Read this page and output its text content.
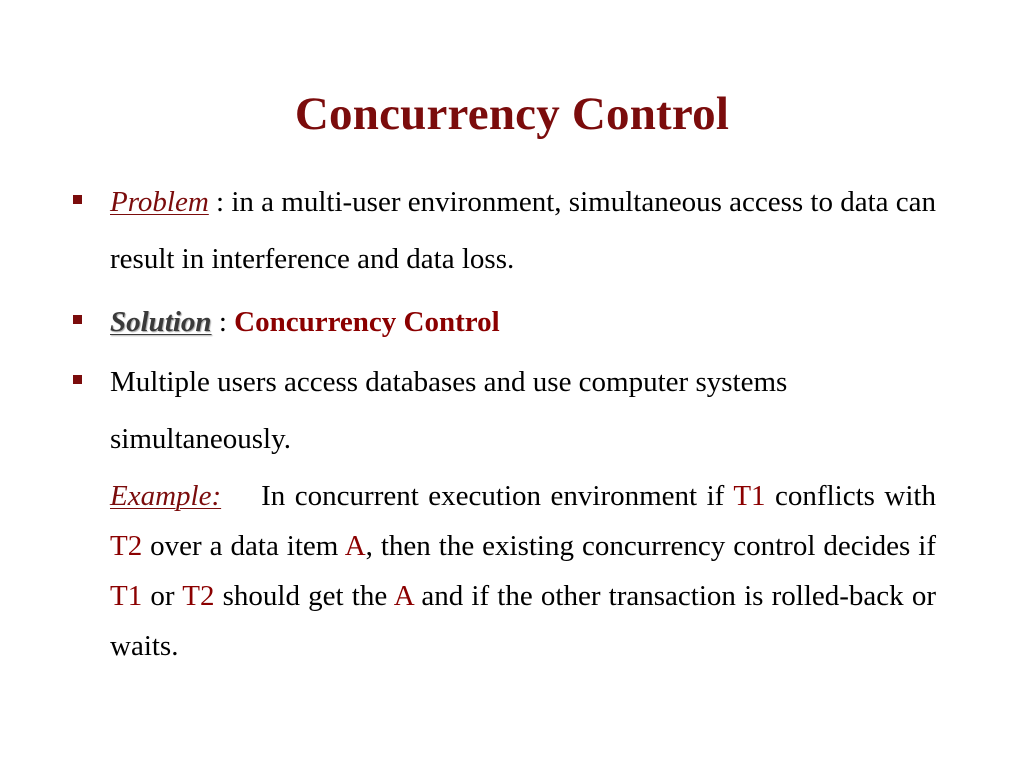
Concurrency Control
Problem : in a multi-user environment, simultaneous access to data can result in interference and data loss.
Solution : Concurrency Control
Multiple users access databases and use computer systems simultaneously.
Example: In concurrent execution environment if T1 conflicts with T2 over a data item A, then the existing concurrency control decides if T1 or T2 should get the A and if the other transaction is rolled-back or waits.
